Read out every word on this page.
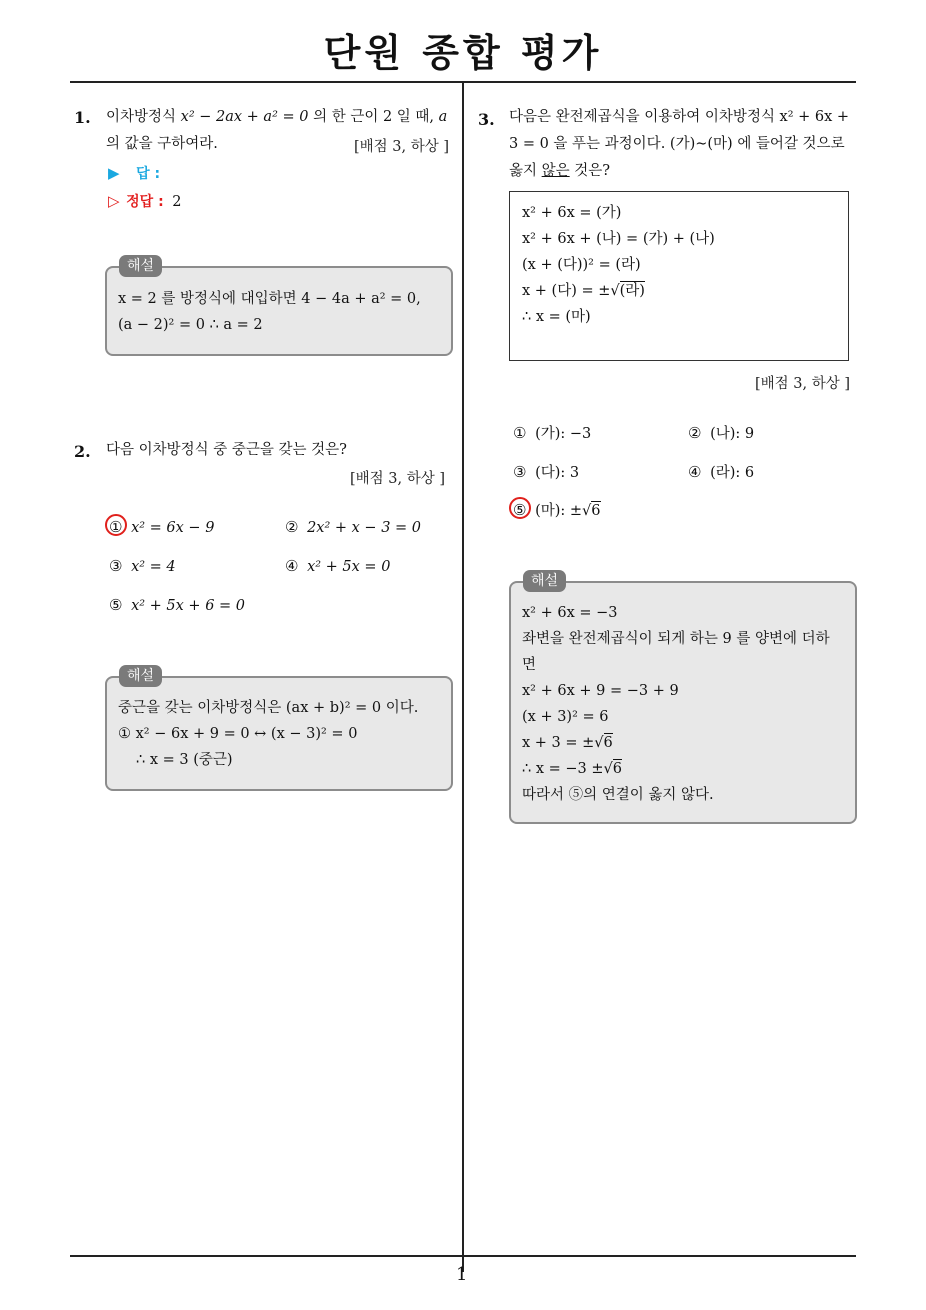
단원 종합 평가
1. 이차방정식 x² − 2ax + a² = 0 의 한 근이 2 일 때, a
의 값을 구하여라.	[배점 3, 하상 ]
▶ 답 :
▷ 정답 : 2
해설
x = 2 를 방정식에 대입하면 4 − 4a + a² = 0,
(a − 2)² = 0 ∴ a = 2
2. 다음 이차방정식 중 중근을 갖는 것은?
[배점 3, 하상 ]
① x² = 6x − 9	② 2x² + x − 3 = 0
③ x² = 4	④ x² + 5x = 0
⑤ x² + 5x + 6 = 0
해설
중근을 갖는 이차방정식은 (ax + b)² = 0 이다.
① x² − 6x + 9 = 0 ↔ (x − 3)² = 0
∴ x = 3 (중근)
3. 다음은 완전제곱식을 이용하여 이차방정식 x² + 6x +
3 = 0 을 푸는 과정이다. (가)∼(마) 에 들어갈 것으로
옳지 않은 것은?
x² + 6x = (가)
x² + 6x + (나) = (가) + (나)
(x + (다))² = (라)
x + (다) = ±√(라)
∴ x = (마)
[배점 3, 하상 ]
① (가): −3	② (나): 9
③ (다): 3	④ (라): 6
⑤ (마): ±√6
해설
x² + 6x = −3
좌변을 완전제곱식이 되게 하는 9 를 양변에 더하
면
x² + 6x + 9 = −3 + 9
(x + 3)² = 6
x + 3 = ±√6
∴ x = −3 ±√6
따라서 ⑤의 연결이 옳지 않다.
1
